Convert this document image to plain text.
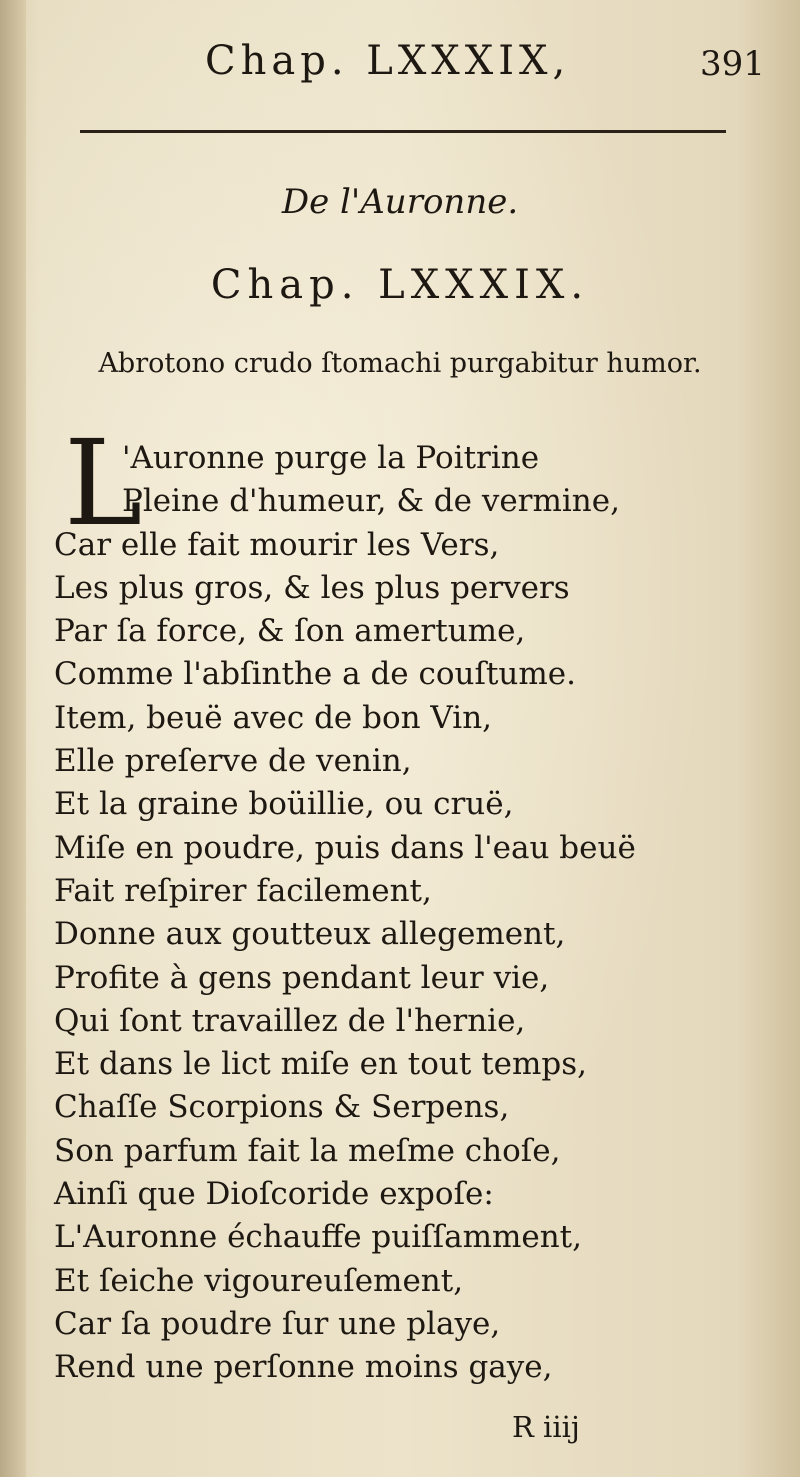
Chap. LXXXIX,	391
De l'Auronne.
Chap. LXXXIX.
Abrotono crudo ſtomachi purgabitur humor.
L
'Auronne purge la Poitrine
Pleine d'humeur, & de vermine,
Car elle fait mourir les Vers,
Les plus gros, & les plus pervers
Par ſa force, & ſon amertume,
Comme l'abſinthe a de couſtume.
Item, beuë avec de bon Vin,
Elle preſerve de venin,
Et la graine boüillie, ou cruë,
Miſe en poudre, puis dans l'eau beuë
Fait reſpirer facilement,
Donne aux goutteux allegement,
Profite à gens pendant leur vie,
Qui ſont travaillez de l'hernie,
Et dans le lict miſe en tout temps,
Chaſſe Scorpions & Serpens,
Son parfum fait la meſme choſe,
Ainſi que Dioſcoride expoſe:
L'Auronne échauffe puiſſamment,
Et ſeiche vigoureuſement,
Car ſa poudre ſur une playe,
Rend une perſonne moins gaye,
R iiij
